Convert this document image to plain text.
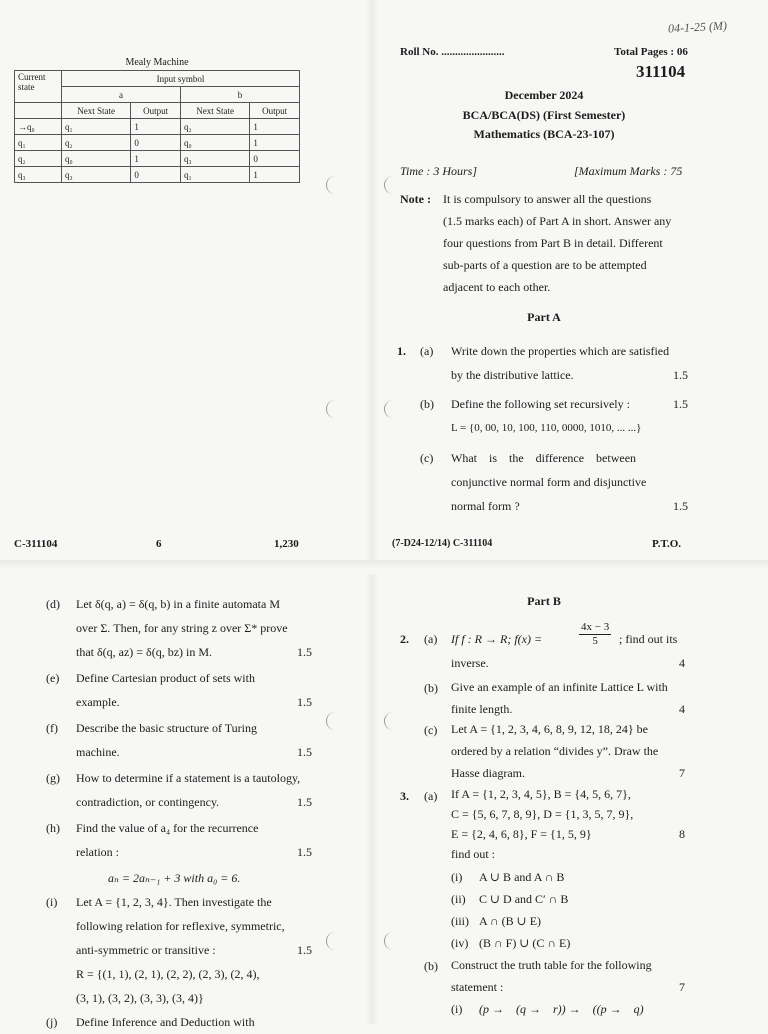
Mealy Machine
Current state	Input symbol			
	a		b	
	Next State	Output	Next State	Output
→q₀	q₁	1	q₂	1
q₁	q₂	0	q₀	1
q₂	q₀	1	q₃	0
q₃	q₃	0	q₁	1
C-311104	6	1,230
04-1-25 (M)
Roll No. .......................	Total Pages : 06
311104
December 2024
BCA/BCA(DS) (First Semester)
Mathematics (BCA-23-107)
Time : 3 Hours]	[Maximum Marks : 75
Note : It is compulsory to answer all the questions
(1.5 marks each) of Part A in short. Answer any
four questions from Part B in detail. Different
sub-parts of a question are to be attempted
adjacent to each other.
Part A
1. (a) Write down the properties which are satisfied
by the distributive lattice.	1.5
(b) Define the following set recursively :	1.5
L = {0, 00, 10, 100, 110, 0000, 1010, ... ...}
(c) What    is    the    difference    between
conjunctive normal form and disjunctive
normal form ?	1.5
(7-D24-12/14) C-311104	P.T.O.
(d) Let δ(q, a) = δ(q, b) in a finite automata M
over Σ. Then, for any string z over Σ* prove
that δ(q, az) = δ(q, bz) in M.	1.5
(e) Define Cartesian product of sets with
example.	1.5
(f) Describe the basic structure of Turing
machine.	1.5
(g) How to determine if a statement is a tautology,
contradiction, or contingency.	1.5
(h) Find the value of a₄ for the recurrence
relation :	1.5
aₙ = 2aₙ₋₁ + 3 with a₀ = 6.
(i) Let A = {1, 2, 3, 4}. Then investigate the
following relation for reflexive, symmetric,
anti-symmetric or transitive :	1.5
R = {(1, 1), (2, 1), (2, 2), (2, 3), (2, 4),
(3, 1), (3, 2), (3, 3), (3, 4)}
(j) Define Inference and Deduction with
Part B
2. (a) If f : R → R; f(x) =	$\frac{4x - 3}{5}$ ; find out its
inverse.	4
(b) Give an example of an infinite Lattice L with
finite length.	4
(c) Let A = {1, 2, 3, 4, 6, 8, 9, 12, 18, 24} be
ordered by a relation “divides y”. Draw the
Hasse diagram.	7
3. (a) If A = {1, 2, 3, 4, 5}, B = {4, 5, 6, 7},
C = {5, 6, 7, 8, 9}, D = {1, 3, 5, 7, 9},
E = {2, 4, 6, 8}, F = {1, 5, 9}	8
find out :
(i) A ∪ B and A ∩ B
(ii) C ∪ D and C′ ∩ B
(iii) A ∩ (B ∪ E)
(iv) (B ∩ F) ∪ (C ∩ E)
(b) Construct the truth table for the following
statement :	7
(i) (p →    (q →    r)) →    ((p →    q)
